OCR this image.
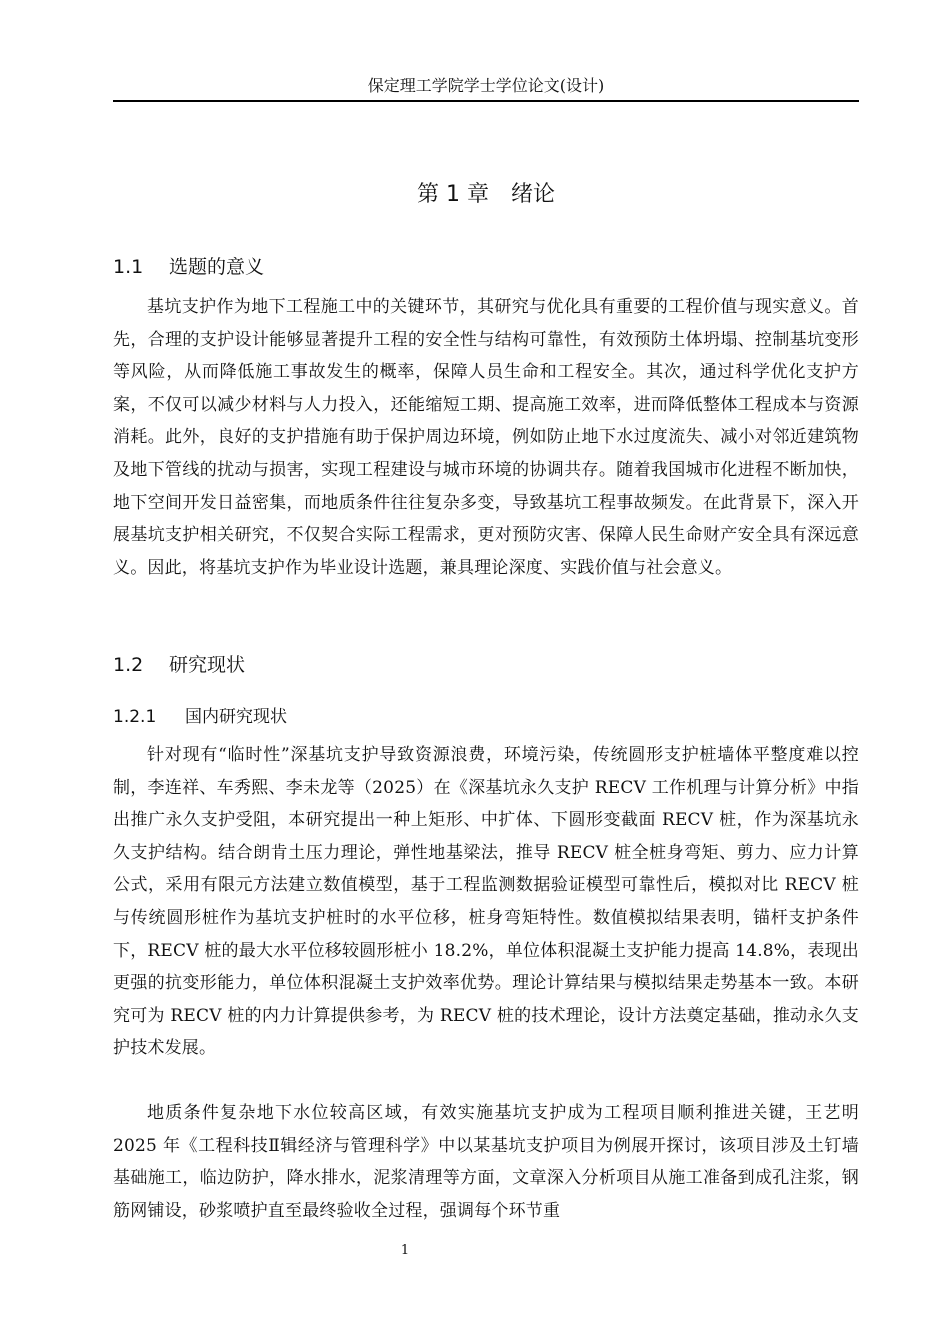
保定理工学院学士学位论文(设计)
第 1 章　绪论
1.1 选题的意义

基坑支护作为地下工程施工中的关键环节，其研究与优化具有重要的工程价值与现实意义。首先，合理的支护设计能够显著提升工程的安全性与结构可靠性，有效预防土体坍塌、控制基坑变形等风险，从而降低施工事故发生的概率，保障人员生命和工程安全。其次，通过科学优化支护方案，不仅可以减少材料与人力投入，还能缩短工期、提高施工效率，进而降低整体工程成本与资源消耗。此外，良好的支护措施有助于保护周边环境，例如防止地下水过度流失、减小对邻近建筑物及地下管线的扰动与损害，实现工程建设与城市环境的协调共存。随着我国城市化进程不断加快，地下空间开发日益密集，而地质条件往往复杂多变，导致基坑工程事故频发。在此背景下，深入开展基坑支护相关研究，不仅契合实际工程需求，更对预防灾害、保障人民生命财产安全具有深远意义。因此，将基坑支护作为毕业设计选题，兼具理论深度、实践价值与社会意义。

1.2 研究现状
1.2.1 国内研究现状

针对现有“临时性”深基坑支护导致资源浪费，环境污染，传统圆形支护桩墙体平整度难以控制，李连祥、车秀熙、李未龙等（2025）在《深基坑永久支护 RECV 工作机理与计算分析》中指出推广永久支护受阻，本研究提出一种上矩形、中扩体、下圆形变截面 RECV 桩，作为深基坑永久支护结构。结合朗肯土压力理论，弹性地基梁法，推导 RECV 桩全桩身弯矩、剪力、应力计算公式，采用有限元方法建立数值模型，基于工程监测数据验证模型可靠性后，模拟对比 RECV 桩与传统圆形桩作为基坑支护桩时的水平位移，桩身弯矩特性。数值模拟结果表明，锚杆支护条件下，RECV 桩的最大水平位移较圆形桩小 18.2%，单位体积混凝土支护能力提高 14.8%，表现出更强的抗变形能力，单位体积混凝土支护效率优势。理论计算结果与模拟结果走势基本一致。本研究可为 RECV 桩的内力计算提供参考，为 RECV 桩的技术理论，设计方法奠定基础，推动永久支护技术发展。

地质条件复杂地下水位较高区域，有效实施基坑支护成为工程项目顺利推进关键，王艺明 2025 年《工程科技Ⅱ辑经济与管理科学》中以某基坑支护项目为例展开探讨，该项目涉及土钉墙基础施工，临边防护，降水排水，泥浆清理等方面，文章深入分析项目从施工准备到成孔注浆，钢筋网铺设，砂浆喷护直至最终验收全过程，强调每个环节重

1
